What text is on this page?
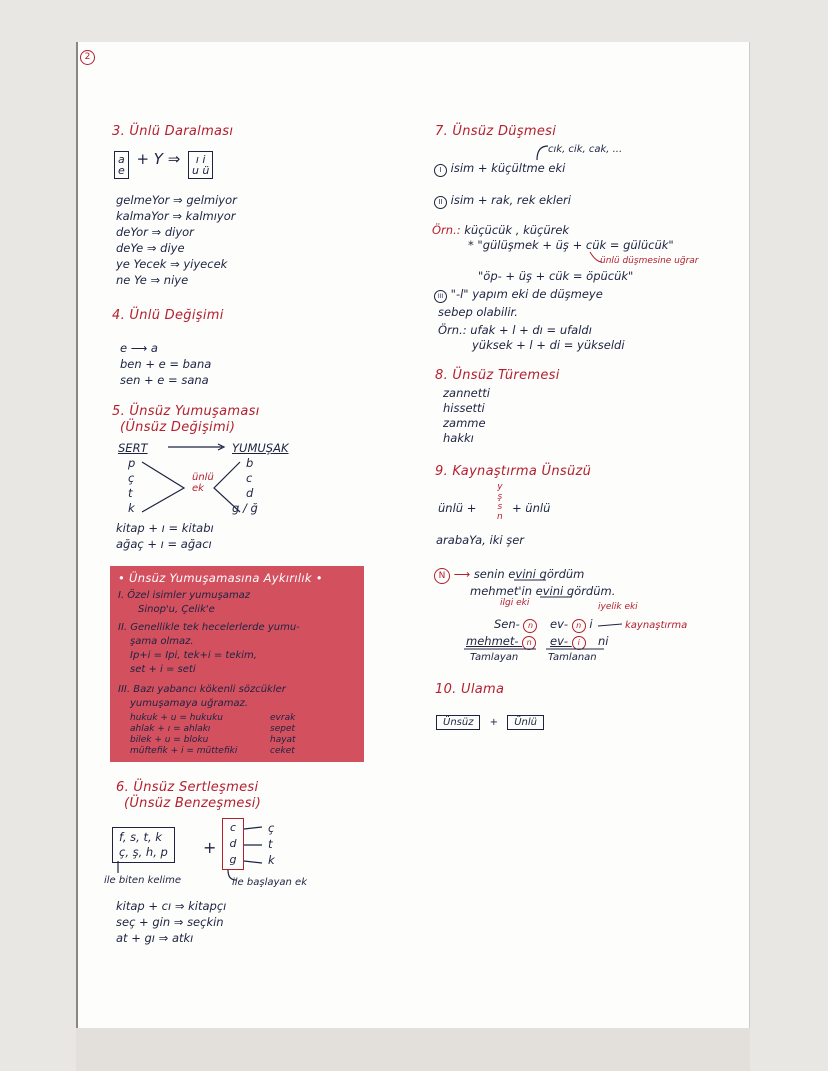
2
3. Ünlü Daralması
a
e + Y ⇒ ı i
u ü
gelmeYor ⇒ gelmiyor
kalmaYor ⇒ kalmıyor
deYor ⇒ diyor
deYe ⇒ diye
ye Yecek ⇒ yiyecek
ne Ye ⇒ niye
4. Ünlü Değişimi
e ⟶ a
ben + e = bana
sen + e = sana
5. Ünsüz Yumuşaması
(Ünsüz Değişimi)
SERT	YUMUŞAK
p
ç
t
k
ünlü
ek
b
c
d
g / ğ
kitap + ı = kitabı
ağaç + ı = ağacı
• Ünsüz Yumuşamasına Aykırılık •
I. Özel isimler yumuşamaz
Sinop'u, Çelik'e
II. Genellikle tek hecelerlerde yumu-
şama olmaz.
Ip+i = Ipi, tek+i = tekim,
set + i = seti
III. Bazı yabancı kökenli sözcükler
yumuşamaya uğramaz.
hukuk + u = hukuku
ahlak + ı = ahlakı
bilek + u = bloku
müftefik + i = müttefiki
evrak
sepet
hayat
ceket
6. Ünsüz Sertleşmesi
(Ünsüz Benzeşmesi)
f, s, t, k
ç, ş, h, p +
c
d
g
ç
t
k
ile biten kelime	ile başlayan ek
kitap + cı ⇒ kitapçı
seç + gin ⇒ seçkin
at + gı ⇒ atkı
7. Ünsüz Düşmesi
cık, cik, cak, ...
I isim + küçültme eki
II isim + rak, rek ekleri
Örn.: küçücük , küçürek
* "gülüşmek + üş + cük = gülücük"
ünlü düşmesine uğrar
"öp- + üş + cük = öpücük"
III "-l" yapım eki de düşmeye
sebep olabilir.
Örn.: ufak + l + dı = ufaldı
yüksek + l + di = yükseldi
8. Ünsüz Türemesi
zannetti
hissetti
zamme
hakkı
9. Kaynaştırma Ünsüzü
ünlü +
y
ş
s
n
+ ünlü
arabaYa, iki şer
N ⟶ senin evini gördüm
mehmet'in evini gördüm.
ilgi eki	iyelik eki
Sen- n	ev- n i	kaynaştırma
mehmet- n	ev- i	ni
Tamlayan	Tamlanan
10. Ulama
Ünsüz + Ünlü
